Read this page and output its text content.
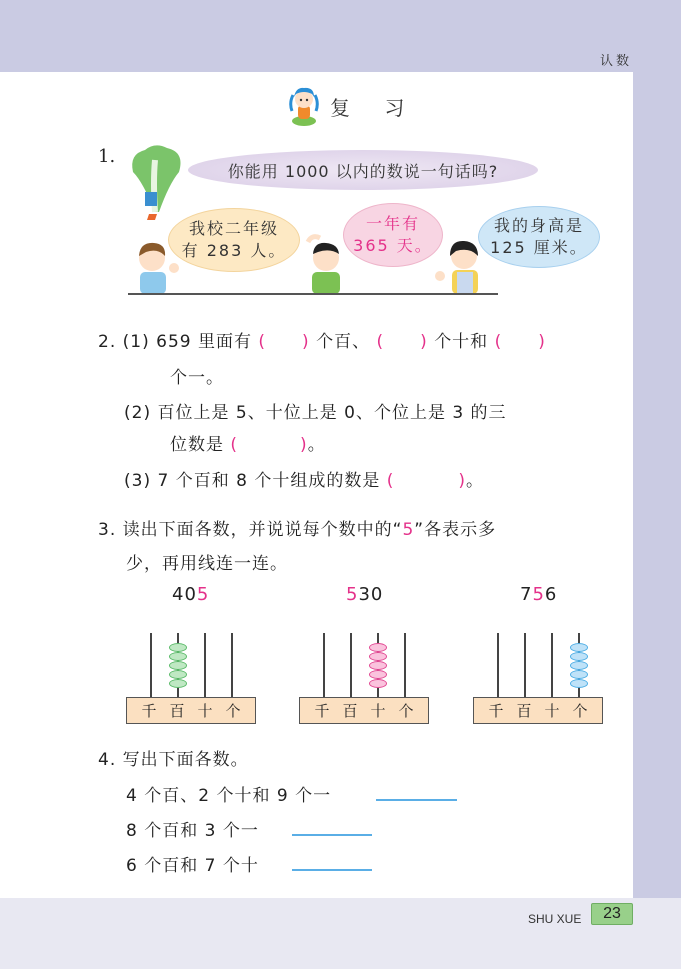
认数
复 习
1.
你能用 1000 以内的数说一句话吗?
我校二年级
有 283 人。
一年有
365 天。
我的身高是
125 厘米。
2. (1) 659 里面有 ( ) 个百、 ( ) 个十和 ( )
个一。
(2) 百位上是 5、十位上是 0、个位上是 3 的三
位数是 (	)。
(3) 7 个百和 8 个十组成的数是 (	)。
3. 读出下面各数，并说说每个数中的“5”各表示多
少，再用线连一连。
405	530	756
千 百 十 个	千 百 十 个	千 百 十 个
4. 写出下面各数。
4 个百、2 个十和 9 个一
8 个百和 3 个一
6 个百和 7 个十
SHU XUE 23
